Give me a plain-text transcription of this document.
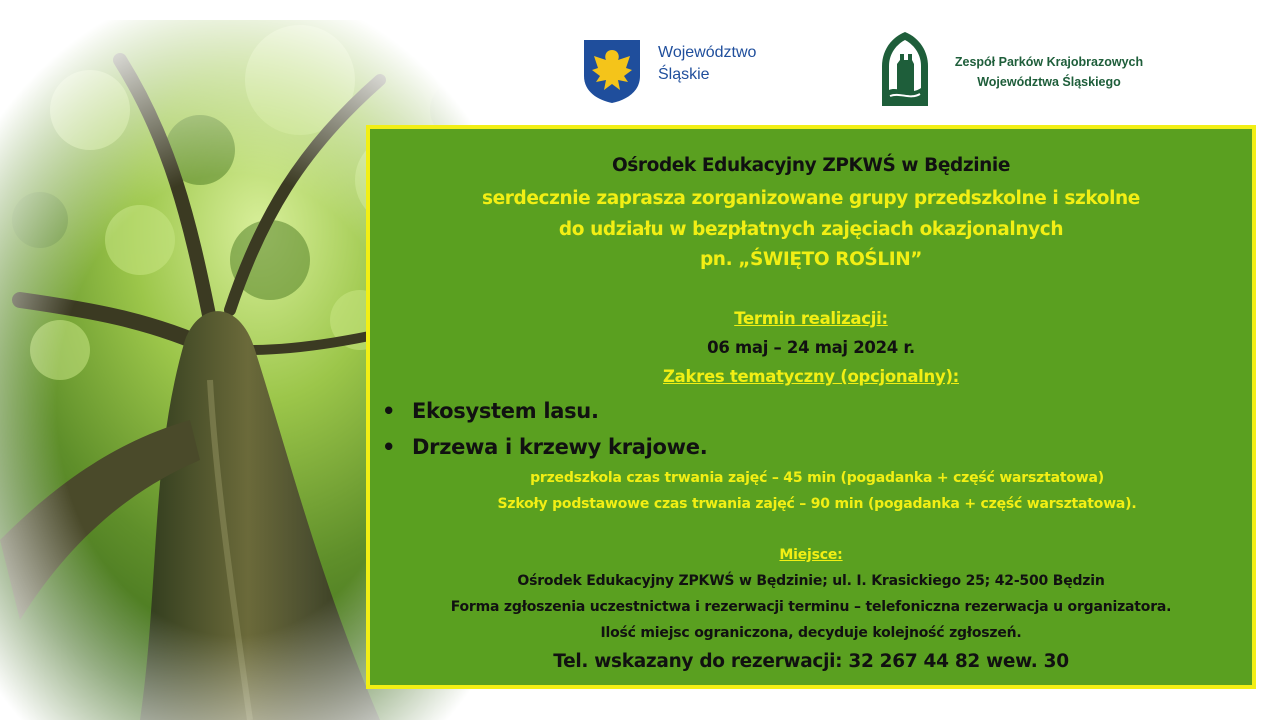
Województwo
Śląskie
Zespół Parków Krajobrazowych
Województwa Śląskiego
Ośrodek Edukacyjny ZPKWŚ w Będzinie
serdecznie zaprasza zorganizowane grupy przedszkolne i szkolne
do udziału w bezpłatnych zajęciach okazjonalnych
pn. „ŚWIĘTO ROŚLIN”
Termin realizacji:
06 maj – 24 maj 2024 r.
Zakres tematyczny (opcjonalny):
• Ekosystem lasu.
• Drzewa i krzewy krajowe.
przedszkola czas trwania zajęć – 45 min (pogadanka + część warsztatowa)
Szkoły podstawowe czas trwania zajęć – 90 min (pogadanka + część warsztatowa).
Miejsce:
Ośrodek Edukacyjny ZPKWŚ w Będzinie; ul. I. Krasickiego 25; 42-500 Będzin
Forma zgłoszenia uczestnictwa i rezerwacji terminu – telefoniczna rezerwacja u organizatora.
Ilość miejsc ograniczona, decyduje kolejność zgłoszeń.
Tel. wskazany do rezerwacji: 32 267 44 82 wew. 30
